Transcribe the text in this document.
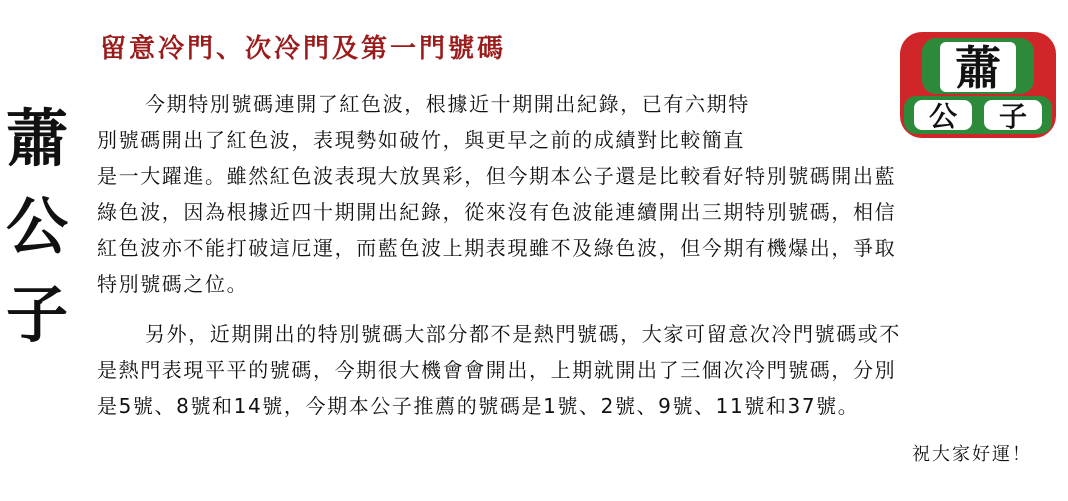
蕭
公
子
留意冷門、次冷門及第一門號碼	蕭
公 子
今期特別號碼連開了紅色波，根據近十期開出紀錄，已有六期特
別號碼開出了紅色波，表現勢如破竹，與更早之前的成績對比較簡直
是一大躍進。雖然紅色波表現大放異彩，但今期本公子還是比較看好特別號碼開出藍
綠色波，因為根據近四十期開出紀錄，從來沒有色波能連續開出三期特別號碼，相信
紅色波亦不能打破這厄運，而藍色波上期表現雖不及綠色波，但今期有機爆出，爭取
特別號碼之位。
另外，近期開出的特別號碼大部分都不是熱門號碼，大家可留意次冷門號碼或不
是熱門表現平平的號碼，今期很大機會會開出，上期就開出了三個次冷門號碼，分別
是5號、8號和14號，今期本公子推薦的號碼是1號、2號、9號、11號和37號。
祝大家好運！
